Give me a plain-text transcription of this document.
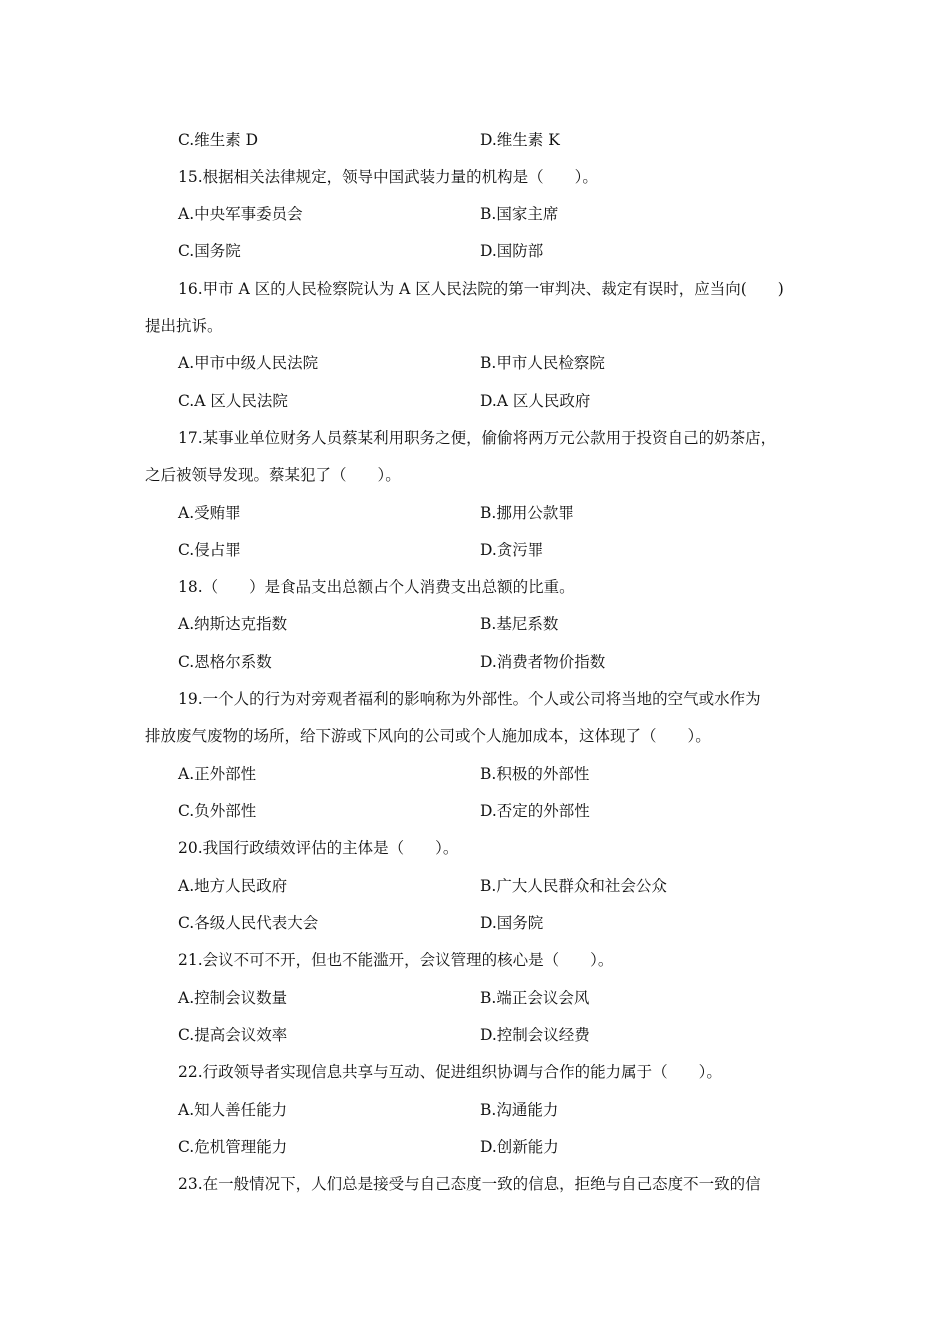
C.维生素 D	D.维生素 K
15.根据相关法律规定，领导中国武装力量的机构是（　　）。
A.中央军事委员会	B.国家主席
C.国务院	D.国防部
16.甲市 A 区的人民检察院认为 A 区人民法院的第一审判决、裁定有误时，应当向(　　)
提出抗诉。
A.甲市中级人民法院	B.甲市人民检察院
C.A 区人民法院	D.A 区人民政府
17.某事业单位财务人员蔡某利用职务之便，偷偷将两万元公款用于投资自己的奶茶店，
之后被领导发现。蔡某犯了（　　）。
A.受贿罪	B.挪用公款罪
C.侵占罪	D.贪污罪
18.（　　）是食品支出总额占个人消费支出总额的比重。
A.纳斯达克指数	B.基尼系数
C.恩格尔系数	D.消费者物价指数
19.一个人的行为对旁观者福利的影响称为外部性。个人或公司将当地的空气或水作为
排放废气废物的场所，给下游或下风向的公司或个人施加成本，这体现了（　　）。
A.正外部性	B.积极的外部性
C.负外部性	D.否定的外部性
20.我国行政绩效评估的主体是（　　）。
A.地方人民政府	B.广大人民群众和社会公众
C.各级人民代表大会	D.国务院
21.会议不可不开，但也不能滥开，会议管理的核心是（　　）。
A.控制会议数量	B.端正会议会风
C.提高会议效率	D.控制会议经费
22.行政领导者实现信息共享与互动、促进组织协调与合作的能力属于（　　）。
A.知人善任能力	B.沟通能力
C.危机管理能力	D.创新能力
23.在一般情况下，人们总是接受与自己态度一致的信息，拒绝与自己态度不一致的信
